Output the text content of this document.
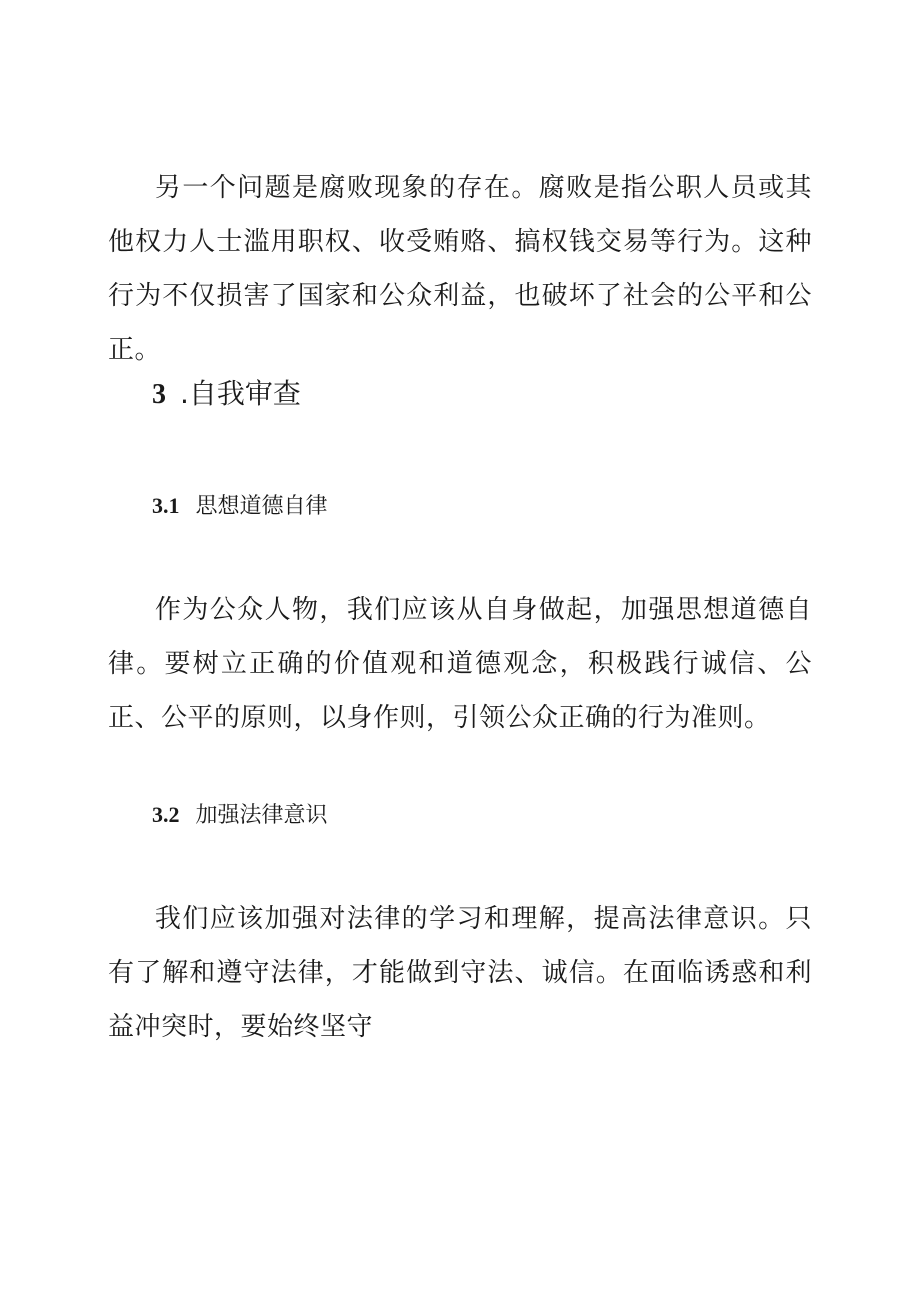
另一个问题是腐败现象的存在。腐败是指公职人员或其他权力人士滥用职权、收受贿赂、搞权钱交易等行为。这种行为不仅损害了国家和公众利益，也破坏了社会的公平和公正。

3 .自我审查
3.1 思想道德自律

作为公众人物，我们应该从自身做起，加强思想道德自律。要树立正确的价值观和道德观念，积极践行诚信、公正、公平的原则，以身作则，引领公众正确的行为准则。

3.2 加强法律意识

我们应该加强对法律的学习和理解，提高法律意识。只有了解和遵守法律，才能做到守法、诚信。在面临诱惑和利益冲突时，要始终坚守
